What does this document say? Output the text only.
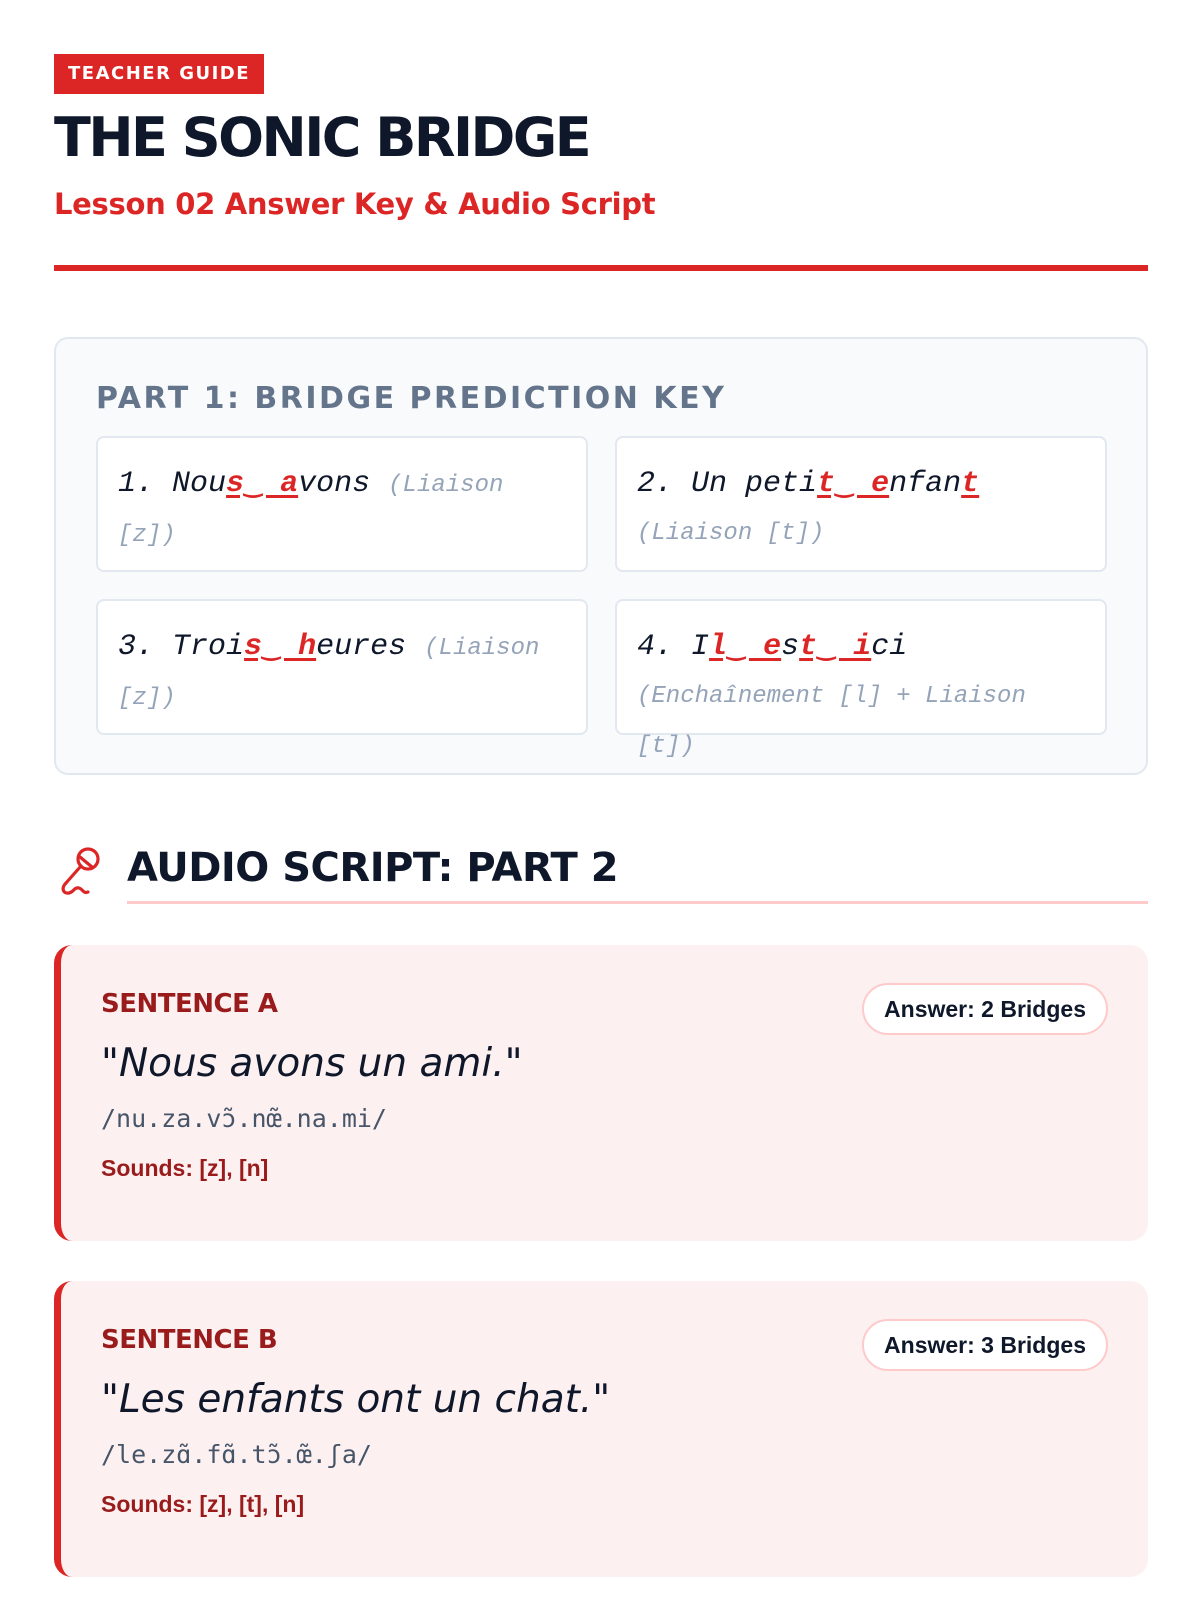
TEACHER GUIDE
THE SONIC BRIDGE
Lesson 02 Answer Key & Audio Script
PART 1: BRIDGE PREDICTION KEY
1. Nous‿ avons (Liaison [z])
2. Un petit‿ enfant
(Liaison [t])
3. Trois‿ heures (Liaison [z])
4. Il‿ est‿ ici (Enchaînement [l] + Liaison [t])
AUDIO SCRIPT: PART 2
SENTENCE A	Answer: 2 Bridges
"Nous avons un ami."
/nu.za.vɔ̃.nœ̃.na.mi/
Sounds: [z], [n]
SENTENCE B	Answer: 3 Bridges
"Les enfants ont un chat."
/le.zɑ̃.fɑ̃.tɔ̃.œ̃.ʃa/
Sounds: [z], [t], [n]
